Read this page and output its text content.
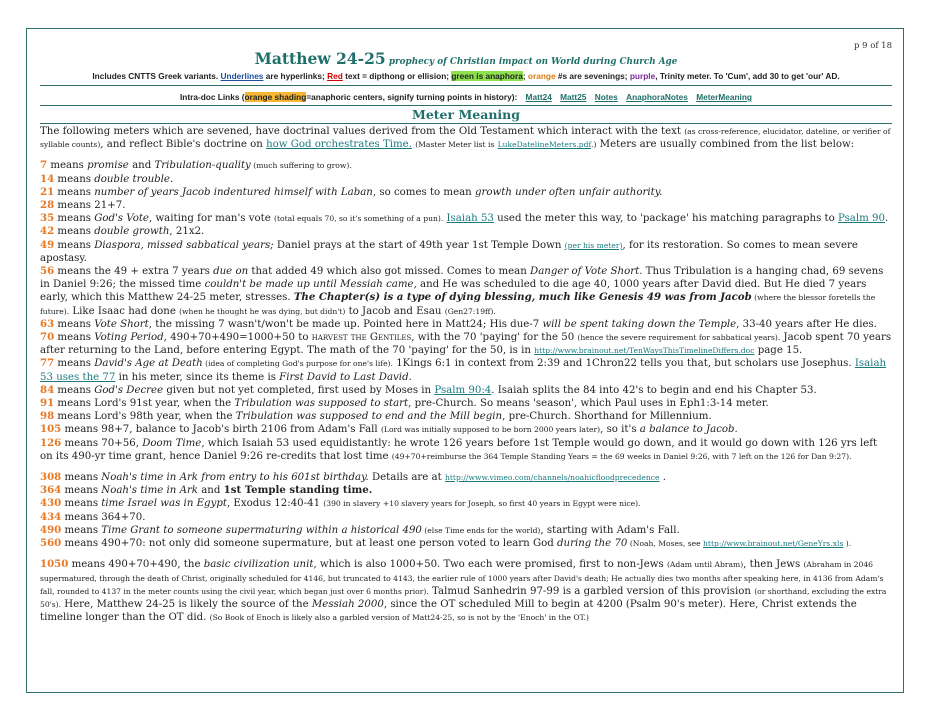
p 9 of 18
Matthew 24-25 prophecy of Christian impact on World during Church Age
Includes CNTTS Greek variants. Underlines are hyperlinks; Red text = dipthong or ellision; green is anaphora; orange #s are sevenings; purple, Trinity meter. To 'Cum', add 30 to get 'our' AD.
Intra-doc Links (orange shading=anaphoric centers, signify turning points in history): Matt24 Matt25 Notes AnaphoraNotes MeterMeaning
Meter Meaning
The following meters which are sevened, have doctrinal values derived from the Old Testament which interact with the text (as cross-reference, elucidator, dateline, or verifier of syllable counts), and reflect Bible's doctrine on how God orchestrates Time. (Master Meter list is LukeDatelineMeters.pdf.) Meters are usually combined from the list below:
7 means promise and Tribulation-quality (much suffering to grow).
14 means double trouble.
21 means number of years Jacob indentured himself with Laban, so comes to mean growth under often unfair authority.
28 means 21+7.
35 means God's Vote, waiting for man's vote (total equals 70, so it's something of a pun). Isaiah 53 used the meter this way, to 'package' his matching paragraphs to Psalm 90.
42 means double growth, 21x2.
49 means Diaspora, missed sabbatical years; Daniel prays at the start of 49th year 1st Temple Down (per his meter), for its restoration. So comes to mean severe apostasy.
56 means the 49 + extra 7 years due on that added 49 which also got missed. Comes to mean Danger of Vote Short. Thus Tribulation is a hanging chad, 69 sevens in Daniel 9:26; the missed time couldn't be made up until Messiah came, and He was scheduled to die age 40, 1000 years after David died. But He died 7 years early, which this Matthew 24-25 meter, stresses. The Chapter(s) is a type of dying blessing, much like Genesis 49 was from Jacob (where the blessor foretells the future). Like Isaac had done (when he thought he was dying, but didn't) to Jacob and Esau (Gen27:19ff).
63 means Vote Short, the missing 7 wasn't/won't be made up. Pointed here in Matt24; His due-7 will be spent taking down the Temple, 33-40 years after He dies.
70 means Voting Period, 490+70+490=1000+50 to harvest the Gentiles, with the 70 'paying' for the 50 (hence the severe requirement for sabbatical years). Jacob spent 70 years after returning to the Land, before entering Egypt. The math of the 70 'paying' for the 50, is in http://www.brainout.net/TenWaysThisTimelineDiffers.doc page 15.
77 means David's Age at Death (idea of completing God's purpose for one's life). 1Kings 6:1 in context from 2:39 and 1Chron22 tells you that, but scholars use Josephus. Isaiah 53 uses the 77 in his meter, since its theme is First David to Last David.
84 means God's Decree given but not yet completed, first used by Moses in Psalm 90:4. Isaiah splits the 84 into 42's to begin and end his Chapter 53.
91 means Lord's 91st year, when the Tribulation was supposed to start, pre-Church. So means 'season', which Paul uses in Eph1:3-14 meter.
98 means Lord's 98th year, when the Tribulation was supposed to end and the Mill begin, pre-Church. Shorthand for Millennium.
105 means 98+7, balance to Jacob's birth 2106 from Adam's Fall (Lord was initially supposed to be born 2000 years later), so it's a balance to Jacob.
126 means 70+56, Doom Time, which Isaiah 53 used equidistantly: he wrote 126 years before 1st Temple would go down, and it would go down with 126 yrs left on its 490-yr time grant, hence Daniel 9:26 re-credits that lost time (49+70+reimburse the 364 Temple Standing Years = the 69 weeks in Daniel 9:26, with 7 left on the 126 for Dan 9:27).
308 means Noah's time in Ark from entry to his 601st birthday. Details are at http://www.vimeo.com/channels/noahicfloodprecedence .
364 means Noah's time in Ark and 1st Temple standing time.
430 means time Israel was in Egypt, Exodus 12:40-41 (390 in slavery +10 slavery years for Joseph, so first 40 years in Egypt were nice).
434 means 364+70.
490 means Time Grant to someone supermaturing within a historical 490 (else Time ends for the world), starting with Adam's Fall.
560 means 490+70: not only did someone supermature, but at least one person voted to learn God during the 70 (Noah, Moses, see http://www.brainout.net/GeneYrs.xls ).
1050 means 490+70+490, the basic civilization unit, which is also 1000+50. Two each were promised, first to non-Jews (Adam until Abram), then Jews (Abraham in 2046 supermatured, through the death of Christ, originally scheduled for 4146, but truncated to 4143, the earlier rule of 1000 years after David's death; He actually dies two months after speaking here, in 4136 from Adam's fall, rounded to 4137 in the meter counts using the civil year, which began just over 6 months prior). Talmud Sanhedrin 97-99 is a garbled version of this provision (or shorthand, excluding the extra 50's). Here, Matthew 24-25 is likely the source of the Messiah 2000, since the OT scheduled Mill to begin at 4200 (Psalm 90's meter). Here, Christ extends the timeline longer than the OT did. (So Book of Enoch is likely also a garbled version of Matt24-25, so is not by the 'Enoch' in the OT.)
